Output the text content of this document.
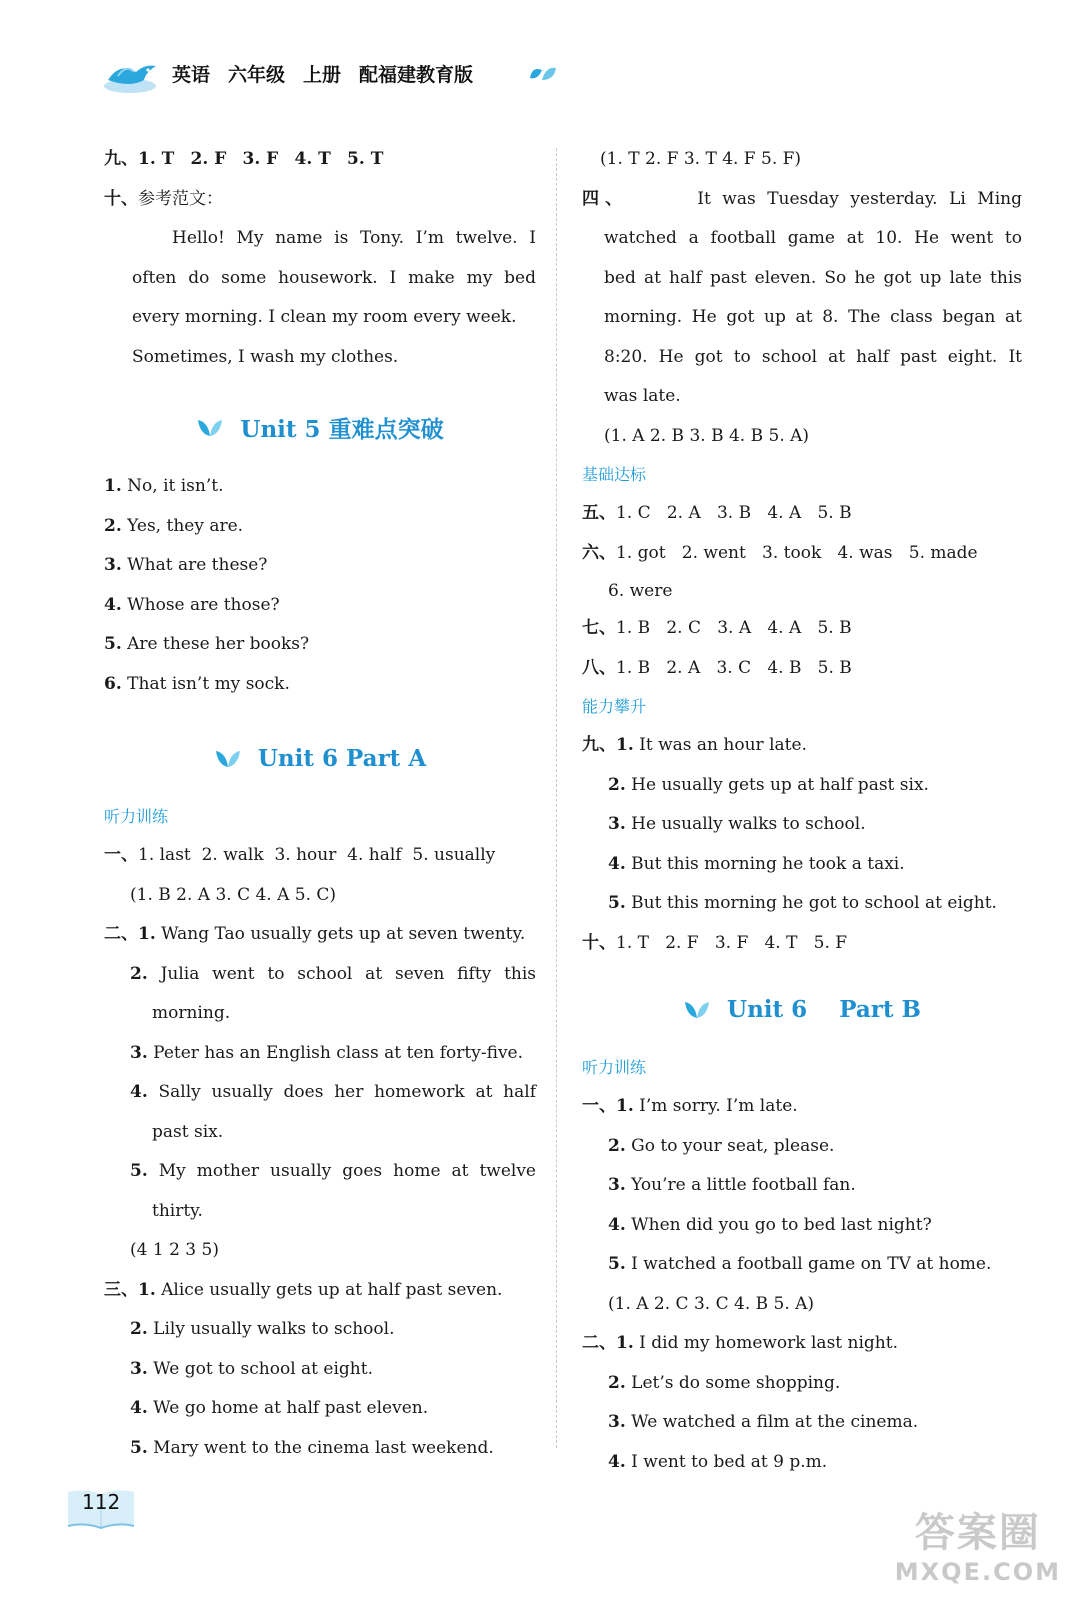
英语 六年级 上册 配福建教育版
九、1. T 2. F 3. F 4. T 5. T
十、参考范文：
Hello! My name is Tony. I’m twelve. I
often do some housework. I make my bed
every morning. I clean my room every week.
Sometimes, I wash my clothes.
Unit 5 重难点突破
1. No, it isn’t.
2. Yes, they are.
3. What are these?
4. Whose are those?
5. Are these her books?
6. That isn’t my sock.
Unit 6 Part A
听力训练
一、1. last 2. walk 3. hour 4. half 5. usually
(1. B 2. A 3. C 4. A 5. C)
二、1. Wang Tao usually gets up at seven twenty.
2. Julia went to school at seven fifty this
morning.
3. Peter has an English class at ten forty-five.
4. Sally usually does her homework at half
past six.
5. My mother usually goes home at twelve
thirty.
(4 1 2 3 5)
三、1. Alice usually gets up at half past seven.
2. Lily usually walks to school.
3. We got to school at eight.
4. We go home at half past eleven.
5. Mary went to the cinema last weekend.
(1. T 2. F 3. T 4. F 5. F)
四、	It was Tuesday yesterday. Li Ming
watched a football game at 10. He went to
bed at half past eleven. So he got up late this
morning. He got up at 8. The class began at
8:20. He got to school at half past eight. It
was late.
(1. A 2. B 3. B 4. B 5. A)
基础达标
五、1. C 2. A 3. B 4. A 5. B
六、1. got 2. went 3. took 4. was 5. made
6. were
七、1. B 2. C 3. A 4. A 5. B
八、1. B 2. A 3. C 4. B 5. B
能力攀升
九、1. It was an hour late.
2. He usually gets up at half past six.
3. He usually walks to school.
4. But this morning he took a taxi.
5. But this morning he got to school at eight.
十、1. T 2. F 3. F 4. T 5. F
Unit 6
Part B
听力训练
一、1. I’m sorry. I’m late.
2. Go to your seat, please.
3. You’re a little football fan.
4. When did you go to bed last night?
5. I watched a football game on TV at home.
(1. A 2. C 3. C 4. B 5. A)
二、1. I did my homework last night.
2. Let’s do some shopping.
3. We watched a film at the cinema.
4. I went to bed at 9 p.m.
112
答案圈
MXQE.COM
